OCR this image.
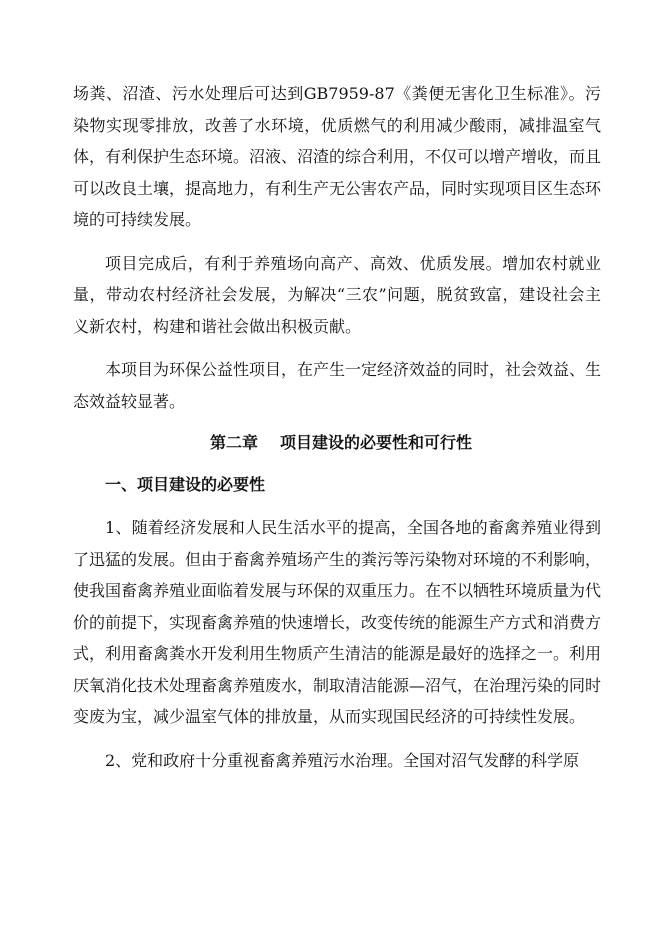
场粪、沼渣、污水处理后可达到GB7959-87《粪便无害化卫生标准》。污染物实现零排放，改善了水环境，优质燃气的利用减少酸雨，减排温室气体，有利保护生态环境。沼液、沼渣的综合利用，不仅可以增产增收，而且可以改良土壤，提高地力，有利生产无公害农产品，同时实现项目区生态环境的可持续发展。

项目完成后，有利于养殖场向高产、高效、优质发展。增加农村就业量，带动农村经济社会发展，为解决“三农”问题，脱贫致富，建设社会主义新农村，构建和谐社会做出积极贡献。

本项目为环保公益性项目，在产生一定经济效益的同时，社会效益、生态效益较显著。

第二章 项目建设的必要性和可行性
一、项目建设的必要性

1、随着经济发展和人民生活水平的提高，全国各地的畜禽养殖业得到了迅猛的发展。但由于畜禽养殖场产生的粪污等污染物对环境的不利影响，使我国畜禽养殖业面临着发展与环保的双重压力。在不以牺牲环境质量为代价的前提下，实现畜禽养殖的快速增长，改变传统的能源生产方式和消费方式，利用畜禽粪水开发利用生物质产生清洁的能源是最好的选择之一。利用厌氧消化技术处理畜禽养殖废水，制取清洁能源—沼气，在治理污染的同时变废为宝，减少温室气体的排放量，从而实现国民经济的可持续性发展。

2、党和政府十分重视畜禽养殖污水治理。全国对沼气发酵的科学原
